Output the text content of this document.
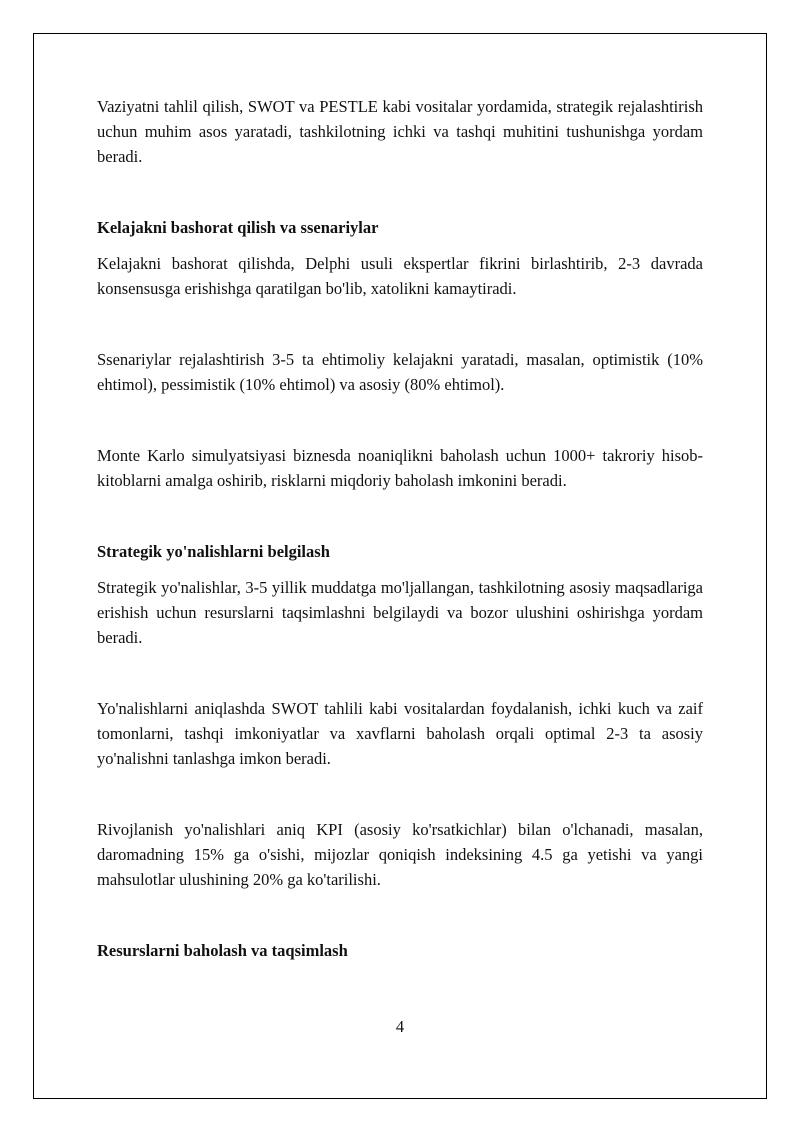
Vaziyatni tahlil qilish, SWOT va PESTLE kabi vositalar yordamida, strategik rejalashtirish uchun muhim asos yaratadi, tashkilotning ichki va tashqi muhitini tushunishga yordam beradi.

Kelajakni bashorat qilish va ssenariylar

Kelajakni bashorat qilishda, Delphi usuli ekspertlar fikrini birlashtirib, 2-3 davrada konsensusga erishishga qaratilgan bo'lib, xatolikni kamaytiradi.

Ssenariylar rejalashtirish 3-5 ta ehtimoliy kelajakni yaratadi, masalan, optimistik (10% ehtimol), pessimistik (10% ehtimol) va asosiy (80% ehtimol).

Monte Karlo simulyatsiyasi biznesda noaniqlikni baholash uchun 1000+ takroriy hisob-kitoblarni amalga oshirib, risklarni miqdoriy baholash imkonini beradi.

Strategik yo'nalishlarni belgilash

Strategik yo'nalishlar, 3-5 yillik muddatga mo'ljallangan, tashkilotning asosiy maqsadlariga erishish uchun resurslarni taqsimlashni belgilaydi va bozor ulushini oshirishga yordam beradi.

Yo'nalishlarni aniqlashda SWOT tahlili kabi vositalardan foydalanish, ichki kuch va zaif tomonlarni, tashqi imkoniyatlar va xavflarni baholash orqali optimal 2-3 ta asosiy yo'nalishni tanlashga imkon beradi.

Rivojlanish yo'nalishlari aniq KPI (asosiy ko'rsatkichlar) bilan o'lchanadi, masalan, daromadning 15% ga o'sishi, mijozlar qoniqish indeksining 4.5 ga yetishi va yangi mahsulotlar ulushining 20% ga ko'tarilishi.

Resurslarni baholash va taqsimlash

4
